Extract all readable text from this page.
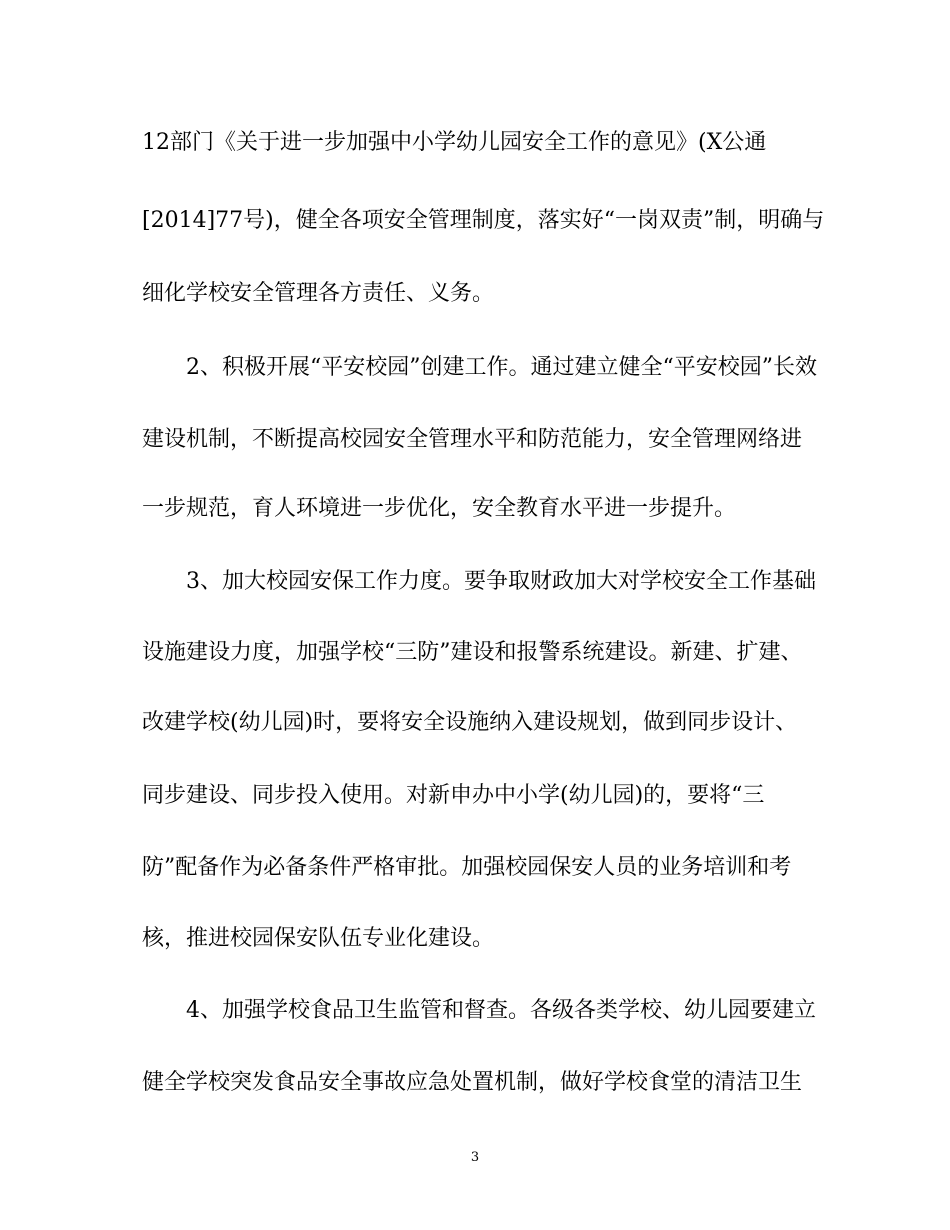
12部门《关于进一步加强中小学幼儿园安全工作的意见》(X公通
[2014]77号)，健全各项安全管理制度，落实好“一岗双责”制，明确与
细化学校安全管理各方责任、义务。
2、积极开展“平安校园”创建工作。通过建立健全“平安校园”长效
建设机制，不断提高校园安全管理水平和防范能力，安全管理网络进
一步规范，育人环境进一步优化，安全教育水平进一步提升。
3、加大校园安保工作力度。要争取财政加大对学校安全工作基础
设施建设力度，加强学校“三防”建设和报警系统建设。新建、扩建、
改建学校(幼儿园)时，要将安全设施纳入建设规划，做到同步设计、
同步建设、同步投入使用。对新申办中小学(幼儿园)的，要将“三
防”配备作为必备条件严格审批。加强校园保安人员的业务培训和考
核，推进校园保安队伍专业化建设。
4、加强学校食品卫生监管和督查。各级各类学校、幼儿园要建立
健全学校突发食品安全事故应急处置机制，做好学校食堂的清洁卫生
3
